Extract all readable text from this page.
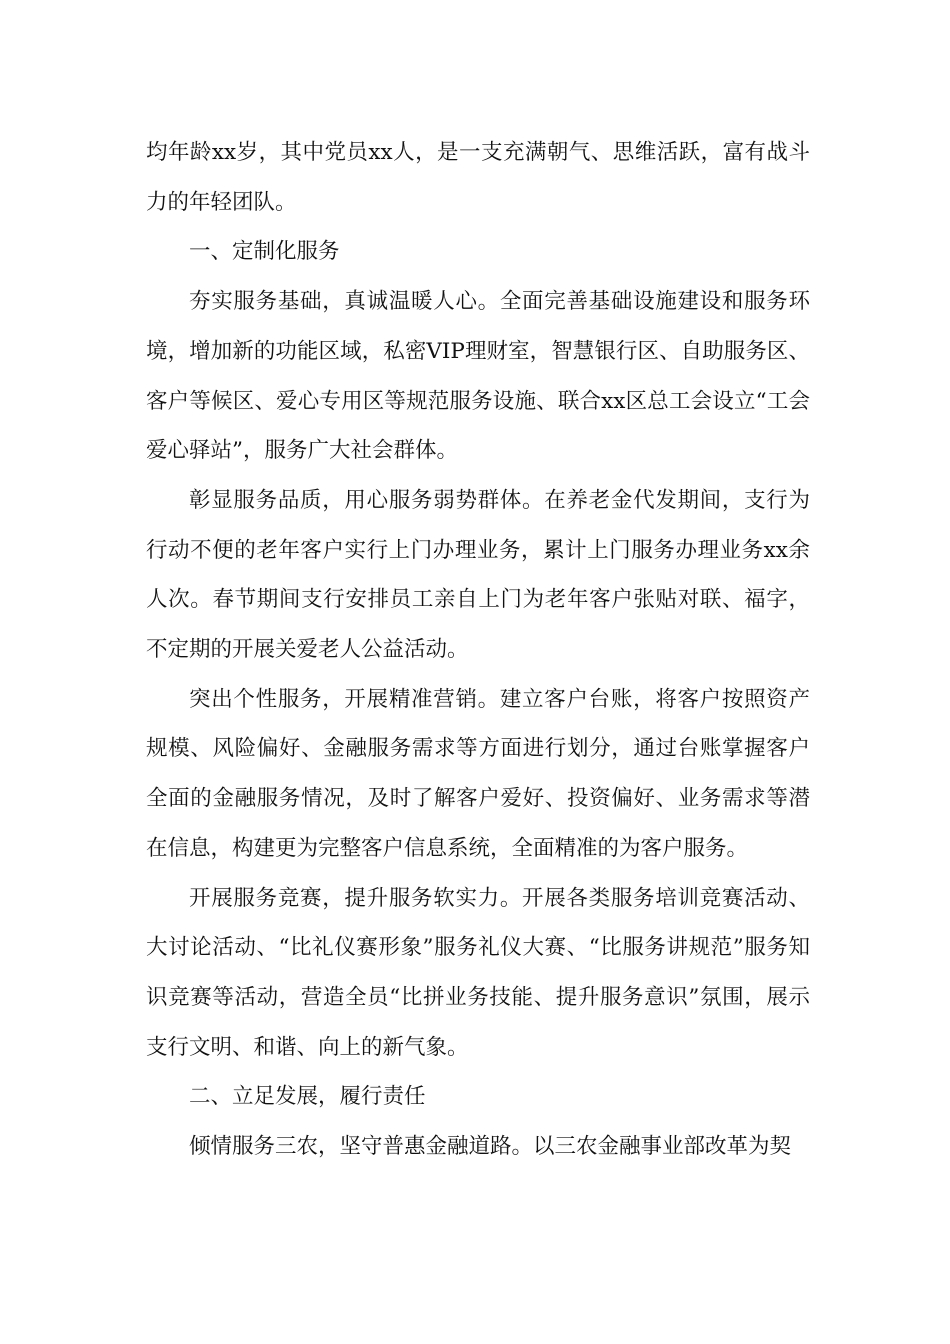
均年龄xx岁，其中党员xx人，是一支充满朝气、思维活跃，富有战斗力的年轻团队。

一、定制化服务

夯实服务基础，真诚温暖人心。全面完善基础设施建设和服务环境，增加新的功能区域，私密VIP理财室，智慧银行区、自助服务区、客户等候区、爱心专用区等规范服务设施、联合xx区总工会设立“工会爱心驿站”，服务广大社会群体。

彰显服务品质，用心服务弱势群体。在养老金代发期间，支行为行动不便的老年客户实行上门办理业务，累计上门服务办理业务xx余人次。春节期间支行安排员工亲自上门为老年客户张贴对联、福字，不定期的开展关爱老人公益活动。

突出个性服务，开展精准营销。建立客户台账，将客户按照资产规模、风险偏好、金融服务需求等方面进行划分，通过台账掌握客户全面的金融服务情况，及时了解客户爱好、投资偏好、业务需求等潜在信息，构建更为完整客户信息系统，全面精准的为客户服务。

开展服务竞赛，提升服务软实力。开展各类服务培训竞赛活动、大讨论活动、“比礼仪赛形象”服务礼仪大赛、“比服务讲规范”服务知识竞赛等活动，营造全员“比拼业务技能、提升服务意识”氛围，展示支行文明、和谐、向上的新气象。

二、立足发展，履行责任

倾情服务三农，坚守普惠金融道路。以三农金融事业部改革为契
